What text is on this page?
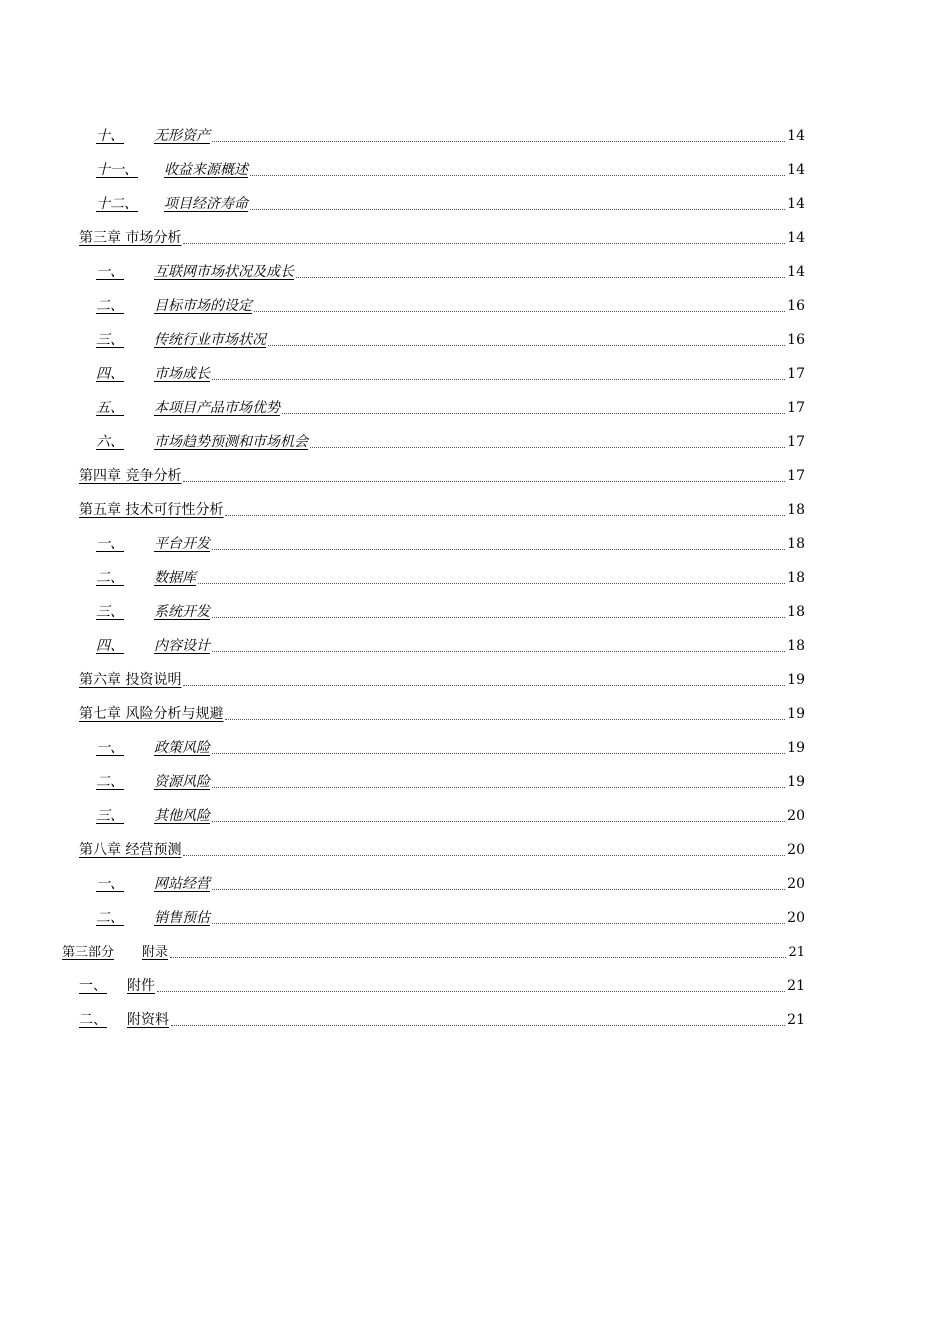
十、 无形资产	14
十一、 收益来源概述	14
十二、 项目经济寿命	14
第三章 市场分析	14
一、 互联网市场状况及成长	14
二、 目标市场的设定	16
三、 传统行业市场状况	16
四、 市场成长	17
五、 本项目产品市场优势	17
六、 市场趋势预测和市场机会	17
第四章 竞争分析	17
第五章 技术可行性分析	18
一、 平台开发	18
二、 数据库	18
三、 系统开发	18
四、 内容设计	18
第六章 投资说明	19
第七章 风险分析与规避	19
一、 政策风险	19
二、 资源风险	19
三、 其他风险	20
第八章 经营预测	20
一、 网站经营	20
二、 销售预估	20
第三部分 附录	21
一、 附件	21
二、 附资料	21
